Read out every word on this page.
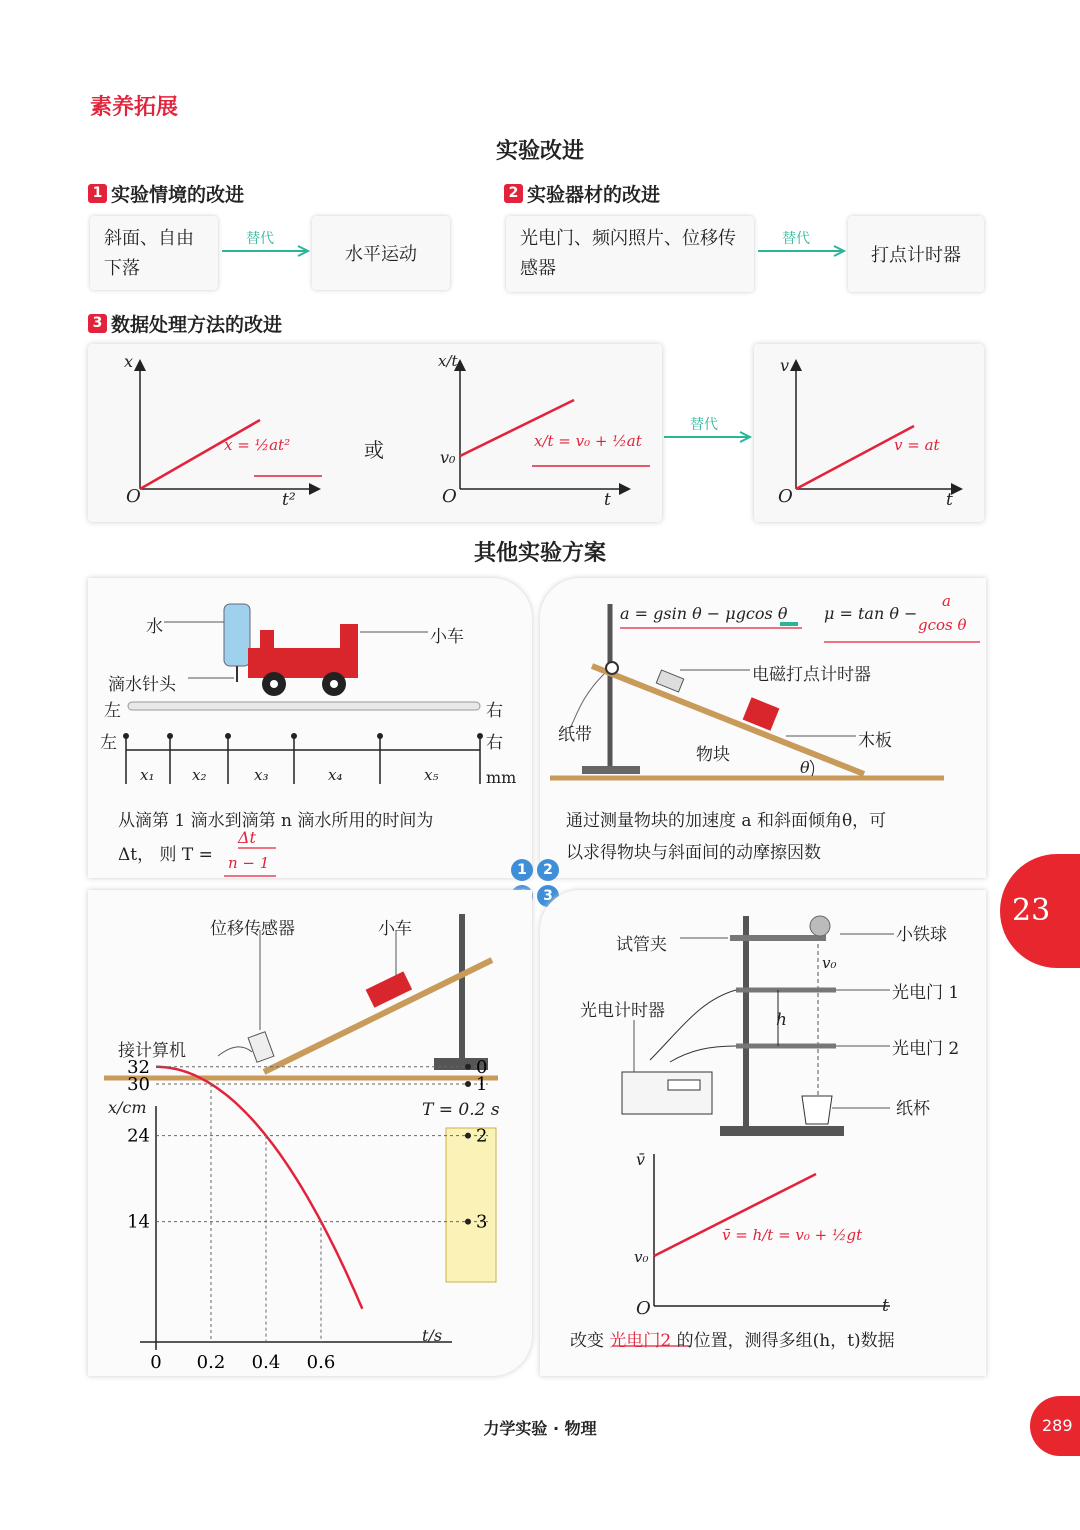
素养拓展
实验改进
1 实验情境的改进	2 实验器材的改进
斜面、自由下落
替代
水平运动
光电门、频闪照片、位移传感器
替代
打点计时器
3 数据处理方法的改进
x
O	t²
x = ½at²	或
x/t
v₀
O	t
x/t = v₀ + ½at
替代
v
O	t
v = at
其他实验方案
水	小车
滴水针头
左	右
左	右
mm
x₁	x₂	x₃	x₄	x₅
从滴第 1 滴水到滴第 n 滴水所用的时间为
Δt， 则 T =
Δt
n − 1
a = gsin θ − μgcos θ μ = tan θ −
a
gcos θ
电磁打点计时器
纸带
物块
木板
θ
通过测量物块的加速度 a 和斜面倾角θ，可
以求得物块与斜面间的动摩擦因数
1	2
3
32
0
0
30
0.2
1
24
0.4
2
14
0.6
3
位移传感器	小车
接计算机
x/cm	T = 0.2 s
t/s
试管夹	小铁球
v₀
光电门 1
光电计时器	h
光电门 2
纸杯
v̄
v₀
O	t
v̄ = h/t = v₀ + ½gt
改变 光电门2 的位置，测得多组(h，t)数据
23
力学实验 · 物理	289
